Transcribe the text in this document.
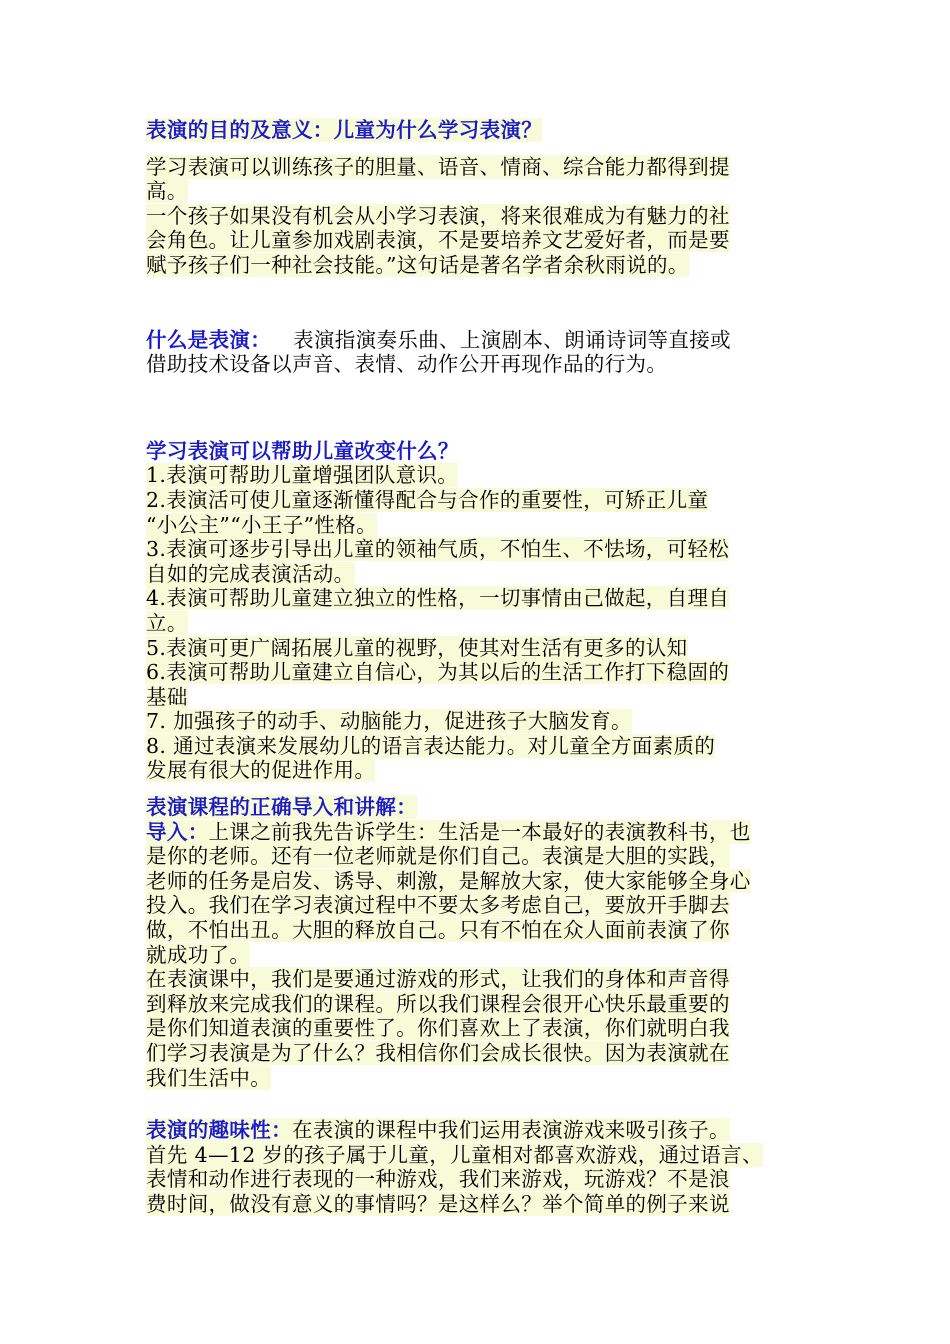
表演的目的及意义：儿童为什么学习表演？
学习表演可以训练孩子的胆量、语音、情商、综合能力都得到提
高。
一个孩子如果没有机会从小学习表演，将来很难成为有魅力的社
会角色。让儿童参加戏剧表演，不是要培养文艺爱好者，而是要
赋予孩子们一种社会技能。”这句话是著名学者余秋雨说的。
什么是表演： 表演指演奏乐曲、上演剧本、朗诵诗词等直接或
借助技术设备以声音、表情、动作公开再现作品的行为。
学习表演可以帮助儿童改变什么？
1.表演可帮助儿童增强团队意识。
2.表演活可使儿童逐渐懂得配合与合作的重要性，可矫正儿童
“小公主”“小王子”性格。
3.表演可逐步引导出儿童的领袖气质，不怕生、不怯场，可轻松
自如的完成表演活动。
4.表演可帮助儿童建立独立的性格，一切事情由己做起，自理自
立。
5.表演可更广阔拓展儿童的视野，使其对生活有更多的认知
6.表演可帮助儿童建立自信心，为其以后的生活工作打下稳固的
基础
7. 加强孩子的动手、动脑能力，促进孩子大脑发育。
8. 通过表演来发展幼儿的语言表达能力。对儿童全方面素质的
发展有很大的促进作用。
表演课程的正确导入和讲解：
导入：上课之前我先告诉学生：生活是一本最好的表演教科书，也
是你的老师。还有一位老师就是你们自己。表演是大胆的实践，
老师的任务是启发、诱导、刺激，是解放大家，使大家能够全身心
投入。我们在学习表演过程中不要太多考虑自己，要放开手脚去
做，不怕出丑。大胆的释放自己。只有不怕在众人面前表演了你
就成功了。
在表演课中，我们是要通过游戏的形式，让我们的身体和声音得
到释放来完成我们的课程。所以我们课程会很开心快乐最重要的
是你们知道表演的重要性了。你们喜欢上了表演，你们就明白我
们学习表演是为了什么？我相信你们会成长很快。因为表演就在
我们生活中。
表演的趣味性：在表演的课程中我们运用表演游戏来吸引孩子。
首先 4—12 岁的孩子属于儿童，儿童相对都喜欢游戏，通过语言、
表情和动作进行表现的一种游戏，我们来游戏，玩游戏？不是浪
费时间，做没有意义的事情吗？是这样么？举个简单的例子来说
